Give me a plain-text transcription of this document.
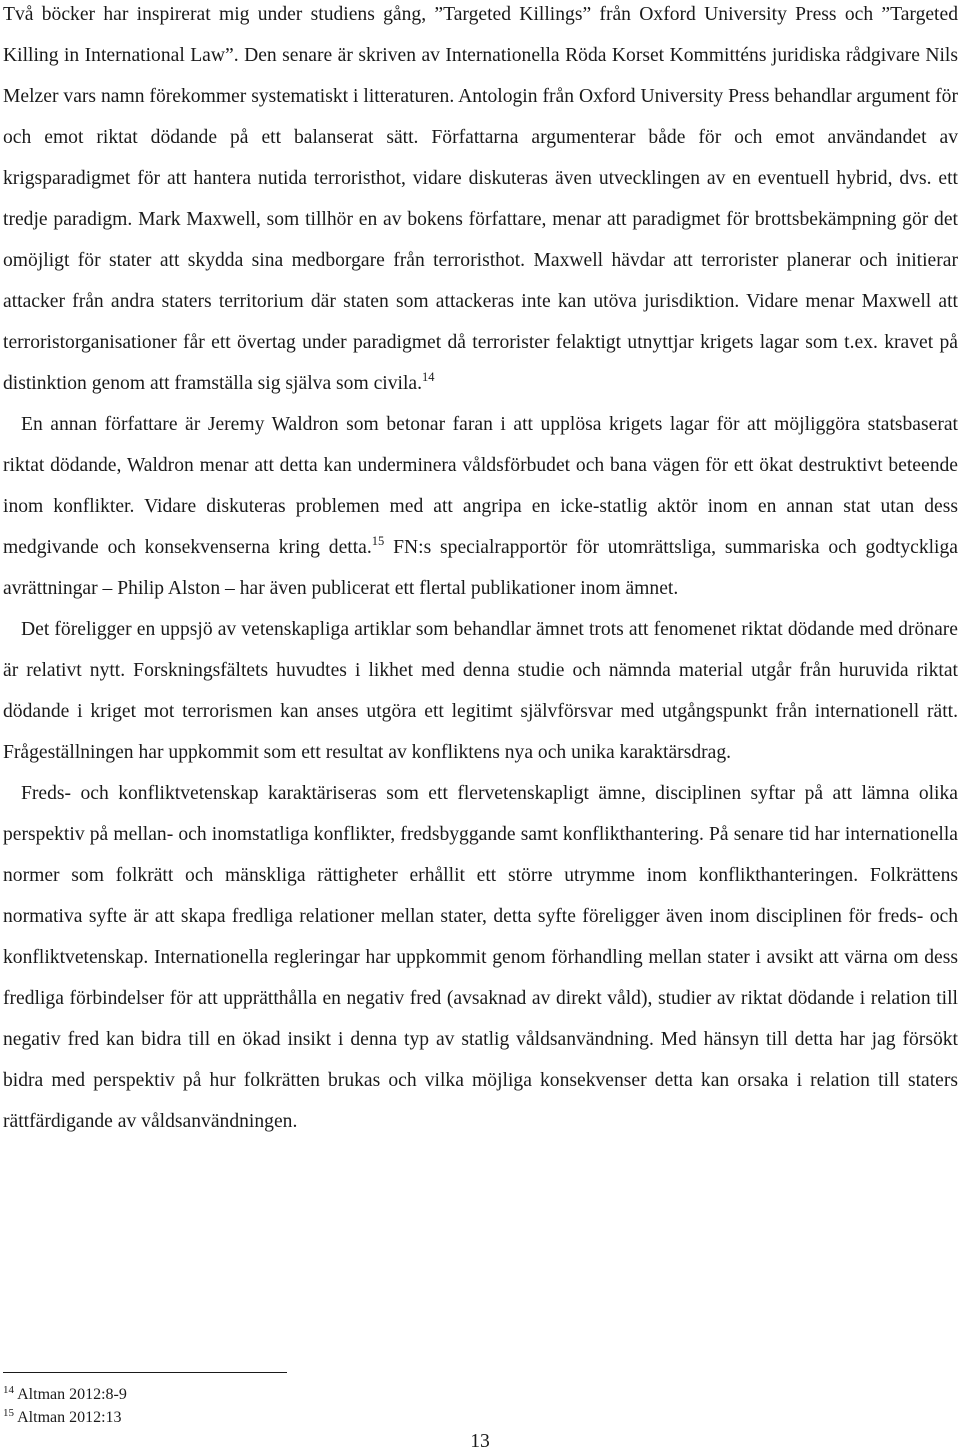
Två böcker har inspirerat mig under studiens gång, ”Targeted Killings” från Oxford University Press och ”Targeted Killing in International Law”. Den senare är skriven av Internationella Röda Korset Kommitténs juridiska rådgivare Nils Melzer vars namn förekommer systematiskt i litteraturen. Antologin från Oxford University Press behandlar argument för och emot riktat dödande på ett balanserat sätt. Författarna argumenterar både för och emot användandet av krigsparadigmet för att hantera nutida terroristhot, vidare diskuteras även utvecklingen av en eventuell hybrid, dvs. ett tredje paradigm. Mark Maxwell, som tillhör en av bokens författare, menar att paradigmet för brottsbekämpning gör det omöjligt för stater att skydda sina medborgare från terroristhot. Maxwell hävdar att terrorister planerar och initierar attacker från andra staters territorium där staten som attackeras inte kan utöva jurisdiktion. Vidare menar Maxwell att terroristorganisationer får ett övertag under paradigmet då terrorister felaktigt utnyttjar krigets lagar som t.ex. kravet på distinktion genom att framställa sig själva som civila.$^{14}$

En annan författare är Jeremy Waldron som betonar faran i att upplösa krigets lagar för att möjliggöra statsbaserat riktat dödande, Waldron menar att detta kan underminera våldsförbudet och bana vägen för ett ökat destruktivt beteende inom konflikter. Vidare diskuteras problemen med att angripa en icke-statlig aktör inom en annan stat utan dess medgivande och konsekvenserna kring detta.$^{15}$ FN:s specialrapportör för utomrättsliga, summariska och godtyckliga avrättningar – Philip Alston – har även publicerat ett flertal publikationer inom ämnet.

Det föreligger en uppsjö av vetenskapliga artiklar som behandlar ämnet trots att fenomenet riktat dödande med drönare är relativt nytt. Forskningsfältets huvudtes i likhet med denna studie och nämnda material utgår från huruvida riktat dödande i kriget mot terrorismen kan anses utgöra ett legitimt självförsvar med utgångspunkt från internationell rätt. Frågeställningen har uppkommit som ett resultat av konfliktens nya och unika karaktärsdrag.

Freds- och konfliktvetenskap karaktäriseras som ett flervetenskapligt ämne, disciplinen syftar på att lämna olika perspektiv på mellan- och inomstatliga konflikter, fredsbyggande samt konflikthantering. På senare tid har internationella normer som folkrätt och mänskliga rättigheter erhållit ett större utrymme inom konflikthanteringen. Folkrättens normativa syfte är att skapa fredliga relationer mellan stater, detta syfte föreligger även inom disciplinen för freds- och konfliktvetenskap. Internationella regleringar har uppkommit genom förhandling mellan stater i avsikt att värna om dess fredliga förbindelser för att upprätthålla en negativ fred (avsaknad av direkt våld), studier av riktat dödande i relation till negativ fred kan bidra till en ökad insikt i denna typ av statlig våldsanvändning. Med hänsyn till detta har jag försökt bidra med perspektiv på hur folkrätten brukas och vilka möjliga konsekvenser detta kan orsaka i relation till staters rättfärdigande av våldsanvändningen.

$^{14}$ Altman 2012:8-9
$^{15}$ Altman 2012:13
13
